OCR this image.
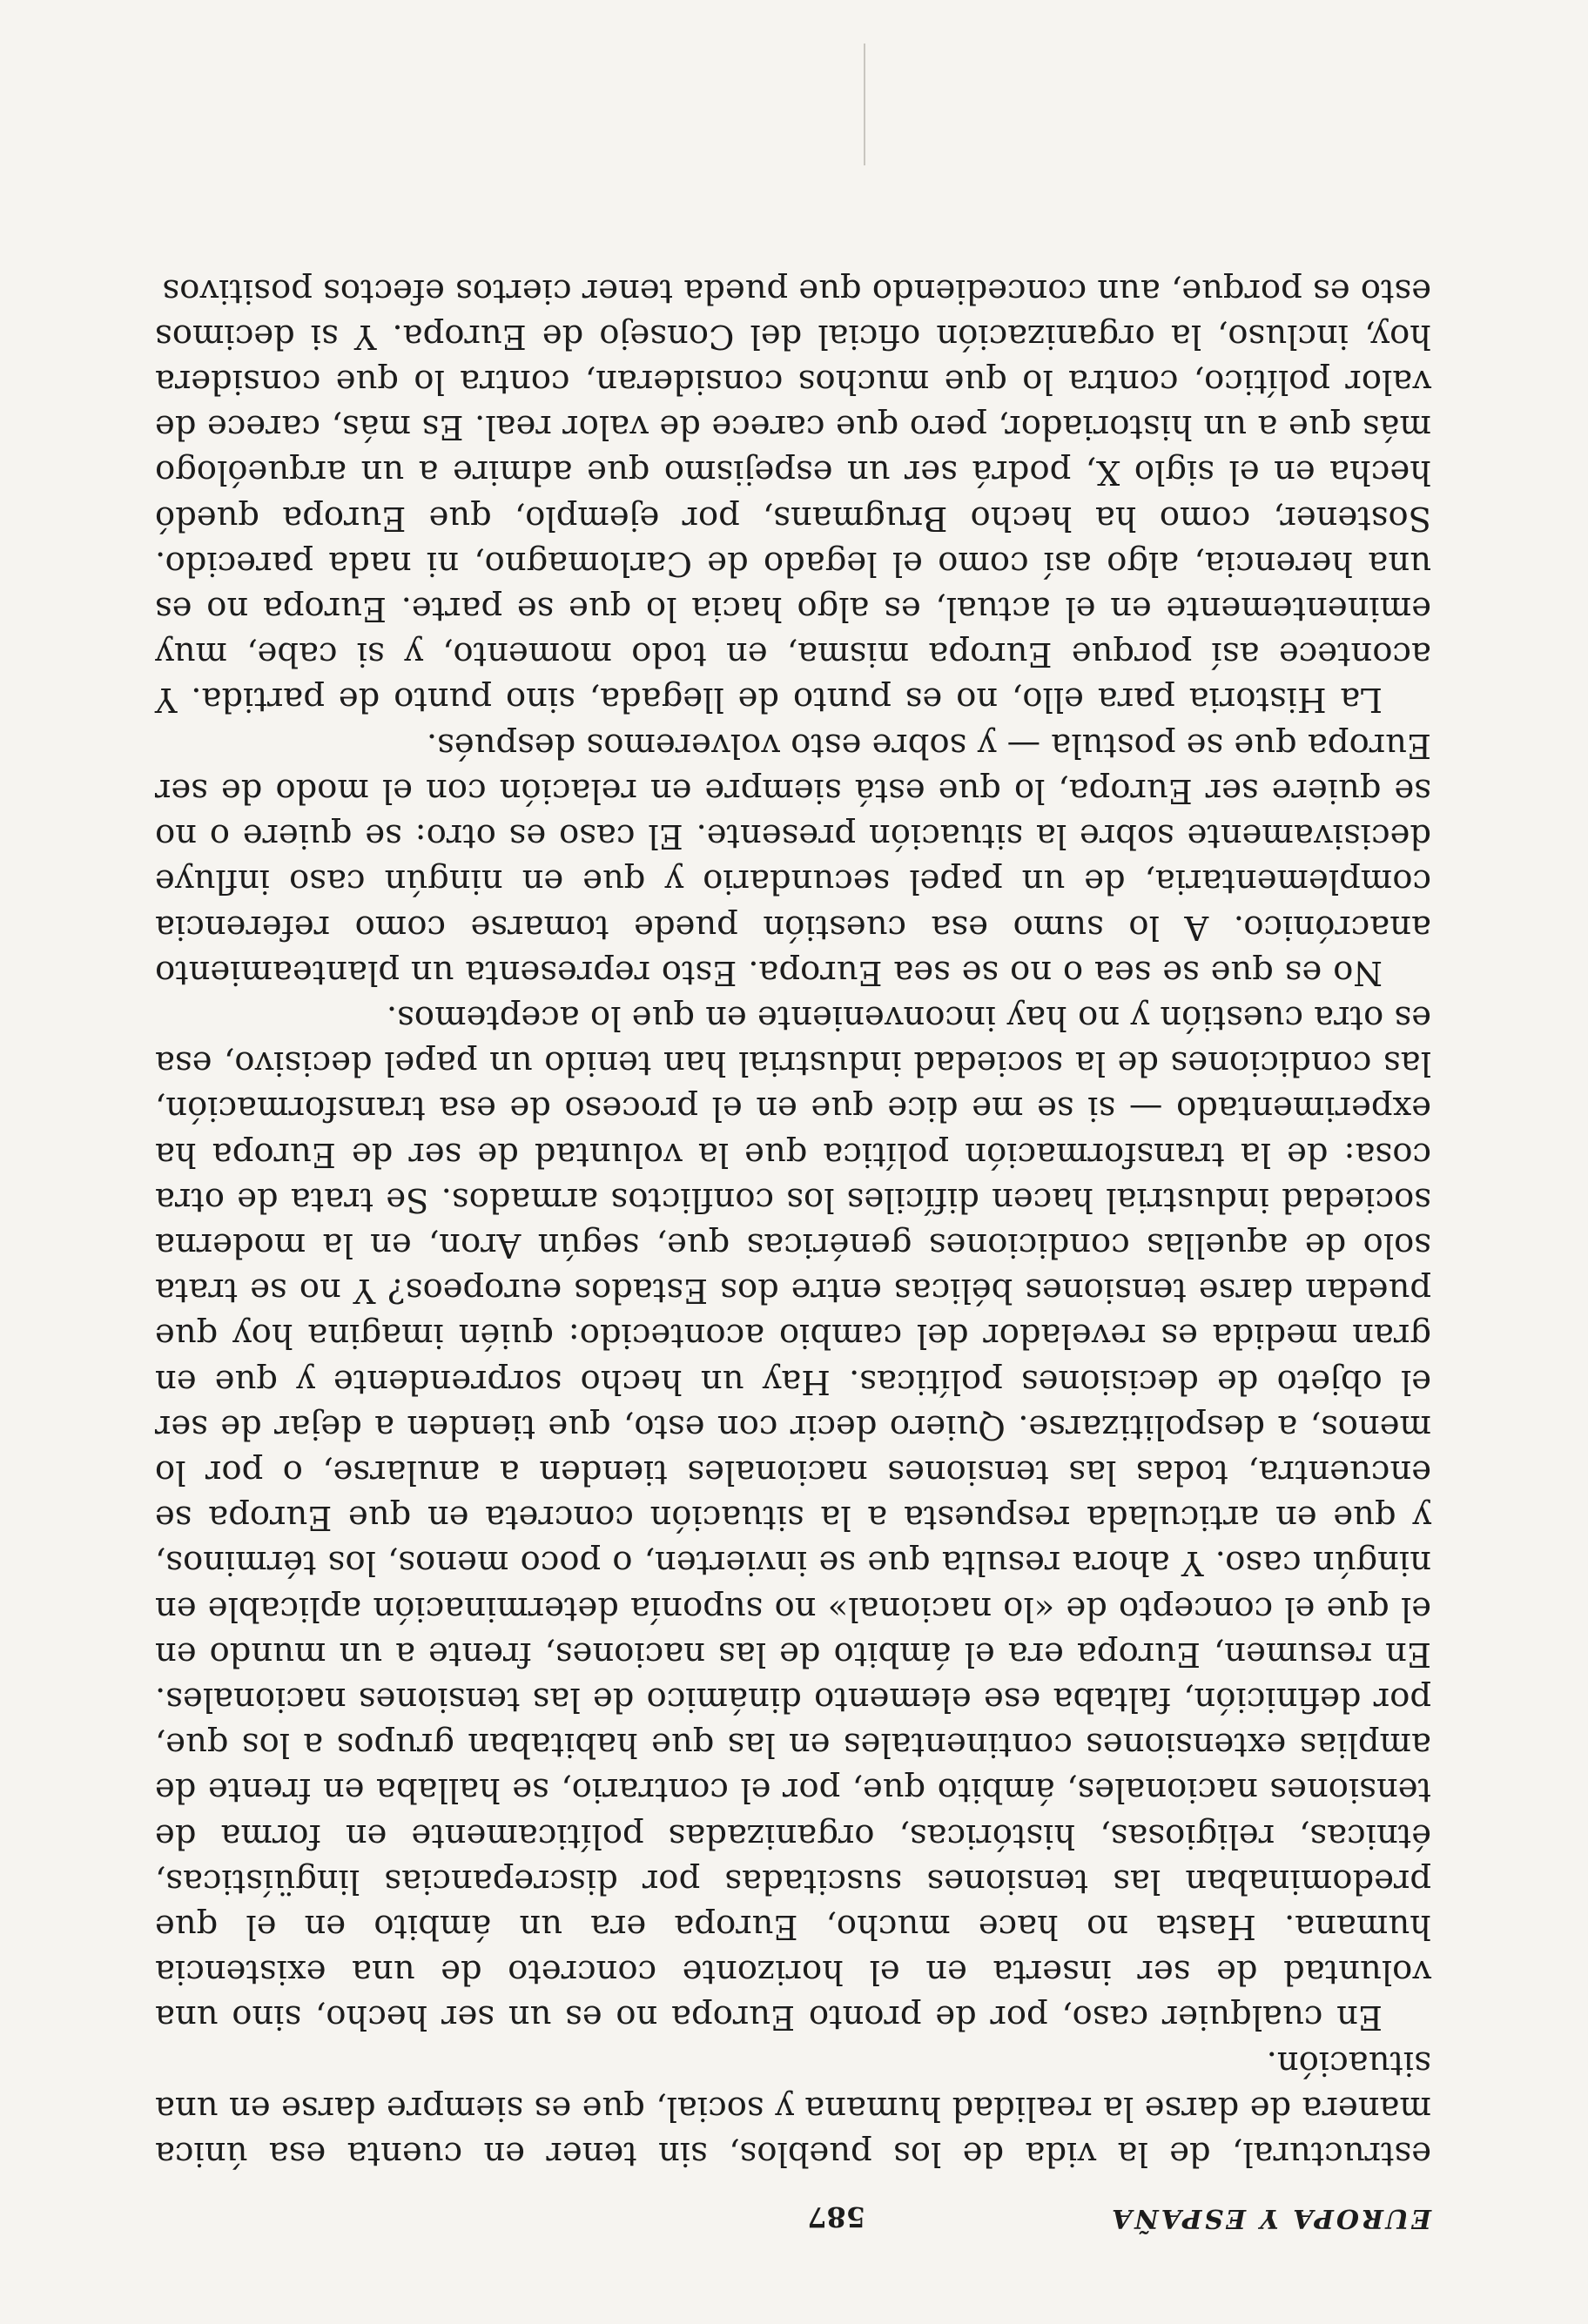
EUROPA Y ESPAÑA
587

estructural, de la vida de los pueblos, sin tener en cuenta esa única manera de darse la realidad humana y social, que es siempre darse en una situación.

En cualquier caso, por de pronto Europa no es un ser hecho, sino una voluntad de ser inserta en el horizonte concreto de una existencia humana. Hasta no hace mucho, Europa era un ámbito en el que predominaban las tensiones suscitadas por discrepancias lingüísticas, étnicas, religiosas, históricas, organizadas políticamente en forma de tensiones nacionales, ámbito que, por el contrario, se hallaba en frente de amplias extensiones continentales en las que habitaban grupos a los que, por definición, faltaba ese elemento dinámico de las tensiones nacionales. En resumen, Europa era el ámbito de las naciones, frente a un mundo en el que el concepto de «lo nacional» no suponía determinación aplicable en ningún caso. Y ahora resulta que se invierten, o poco menos, los términos, y que en articulada respuesta a la situación concreta en que Europa se encuentra, todas las tensiones nacionales tienden a anularse, o por lo menos, a despolitizarse. Quiero decir con esto, que tienden a dejar de ser el objeto de decisiones políticas. Hay un hecho sorprendente y que en gran medida es revelador del cambio acontecido: quién imagina hoy que puedan darse tensiones bélicas entre dos Estados europeos? Y no se trata solo de aquellas condiciones genéricas que, según Aron, en la moderna sociedad industrial hacen difíciles los conflictos armados. Se trata de otra cosa: de la transformación política que la voluntad de ser de Europa ha experimentado — si se me dice que en el proceso de esa transformación, las condiciones de la sociedad industrial han tenido un papel decisivo, esa es otra cuestión y no hay inconveniente en que lo aceptemos.

No es que se sea o no se sea Europa. Esto representa un planteamiento anacrónico. A lo sumo esa cuestión puede tomarse como referencia complementaria, de un papel secundario y que en ningún caso influye decisivamente sobre la situación presente. El caso es otro: se quiere o no se quiere ser Europa, lo que está siempre en relación con el modo de ser Europa que se postula — y sobre esto volveremos después.

La Historia para ello, no es punto de llegada, sino punto de partida. Y acontece así porque Europa misma, en todo momento, y si cabe, muy eminentemente en el actual, es algo hacia lo que se parte. Europa no es una herencia, algo así como el legado de Carlomagno, ni nada parecido. Sostener, como ha hecho Brugmans, por ejemplo, que Europa quedó hecha en el siglo X, podrá ser un espejismo que admire a un arqueólogo más que a un historiador, pero que carece de valor real. Es más, carece de valor político, contra lo que muchos consideran, contra lo que considera hoy, incluso, la organización oficial del Consejo de Europa. Y si decimos esto es porque, aun concediendo que pueda tener ciertos efectos positivos
